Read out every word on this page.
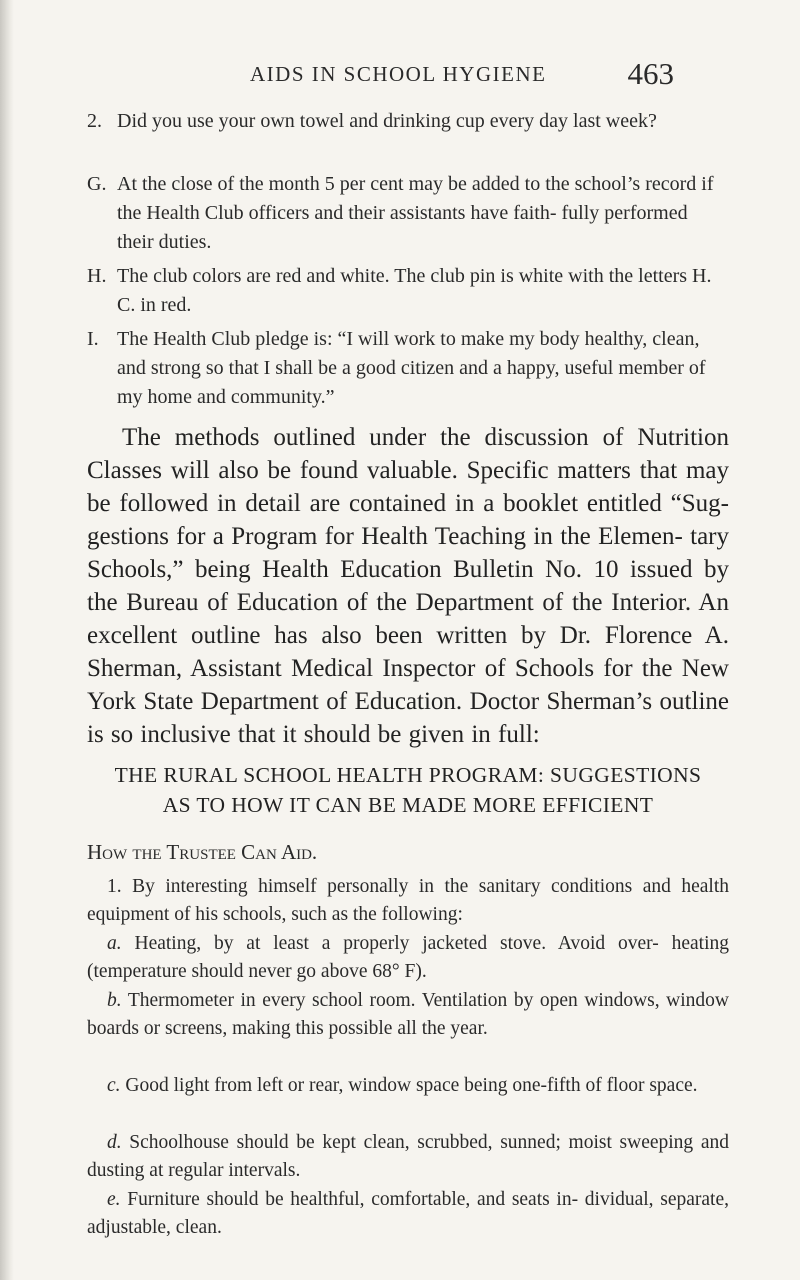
AIDS IN SCHOOL HYGIENE	463
2. Did you use your own towel and drinking cup every day last week?
G. At the close of the month 5 per cent may be added to the school’s record if the Health Club officers and their assistants have faith- fully performed their duties.
H. The club colors are red and white. The club pin is white with the letters H. C. in red.
I. The Health Club pledge is: “I will work to make my body healthy, clean, and strong so that I shall be a good citizen and a happy, useful member of my home and community.”
The methods outlined under the discussion of Nutrition Classes will also be found valuable. Specific matters that may be followed in detail are contained in a booklet entitled “Sug- gestions for a Program for Health Teaching in the Elemen- tary Schools,” being Health Education Bulletin No. 10 issued by the Bureau of Education of the Department of the Interior. An excellent outline has also been written by Dr. Florence A. Sherman, Assistant Medical Inspector of Schools for the New York State Department of Education. Doctor Sherman’s outline is so inclusive that it should be given in full:
THE RURAL SCHOOL HEALTH PROGRAM: SUGGESTIONS
AS TO HOW IT CAN BE MADE MORE EFFICIENT
How the Trustee Can Aid.
1. By interesting himself personally in the sanitary conditions and health equipment of his schools, such as the following:
a. Heating, by at least a properly jacketed stove. Avoid over- heating (temperature should never go above 68° F).
b. Thermometer in every school room. Ventilation by open windows, window boards or screens, making this possible all the year.
c. Good light from left or rear, window space being one-fifth of floor space.
d. Schoolhouse should be kept clean, scrubbed, sunned; moist sweeping and dusting at regular intervals.
e. Furniture should be healthful, comfortable, and seats in- dividual, separate, adjustable, clean.
